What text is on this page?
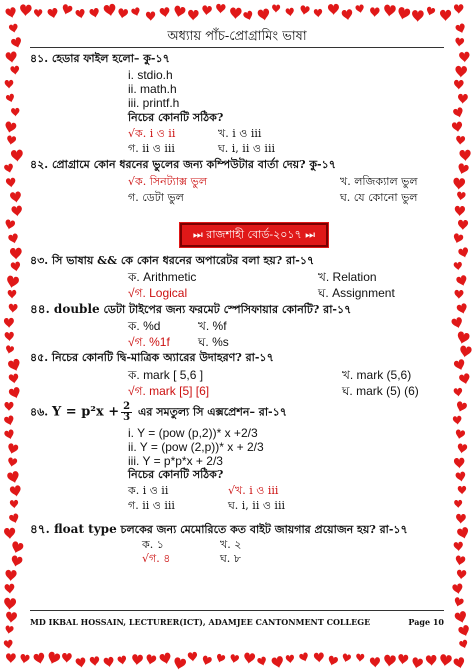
অধ্যায় পাঁচ-প্রোগ্রামিং ভাষা
৪১. হেডার ফাইল হলো– কু-১৭
i. stdio.h
ii. math.h
iii. printf.h
নিচের কোনটি সঠিক?
√ক. i ও ii	খ. i ও iii
গ. ii ও iii	ঘ. i, ii ও iii
৪২. প্রোগ্রামে কোন ধরনের ভুলের জন্য কম্পিউটার বার্তা দেয়? কু-১৭
√ক. সিনট্যাক্স ভুল	খ. লজিক্যাল ভুল
গ. ডেটা ভুল	ঘ. যে কোনো ভুল
⏭ রাজশাহী বোর্ড-২০১৭ ⏭
৪৩. সি ভাষায় && কে কোন ধরনের অপারেটর বলা হয়? রা-১৭
ক. Arithmetic	খ. Relation
√গ. Logical	ঘ. Assignment
৪৪. double ডেটা টাইপের জন্য ফরমেট স্পেসিফায়ার কোনটি? রা-১৭
ক. %d	খ. %f
√গ. %1f ঘ. %s
৪৫. নিচের কোনটি দ্বি-মাত্রিক অ্যারের উদাহরণ? রা-১৭
ক. mark [ 5,6 ]	খ. mark (5,6)
√গ. mark [5] [6]	ঘ. mark (5) (6)
৪৬. $Y = p^2x + \frac{2}{3}$ এর সমতুল্য সি এক্সপ্রেশন– রা-১৭
i. Y = (pow (p,2))* x +2/3
ii. Y = (pow (2,p))* x + 2/3
iii. Y = p*p*x + 2/3
নিচের কোনটি সঠিক?
ক. i ও ii	√খ. i ও iii
গ. ii ও iii	ঘ. i, ii ও iii
৪৭. float type চলকের জন্য মেমোরিতে কত বাইট জায়গার প্রয়োজন হয়? রা-১৭
ক. ১	খ. ২
√গ. ৪	ঘ. ৮
MD IKBAL HOSSAIN, LECTURER(ICT), ADAMJEE CANTONMENT COLLEGE	Page 10
